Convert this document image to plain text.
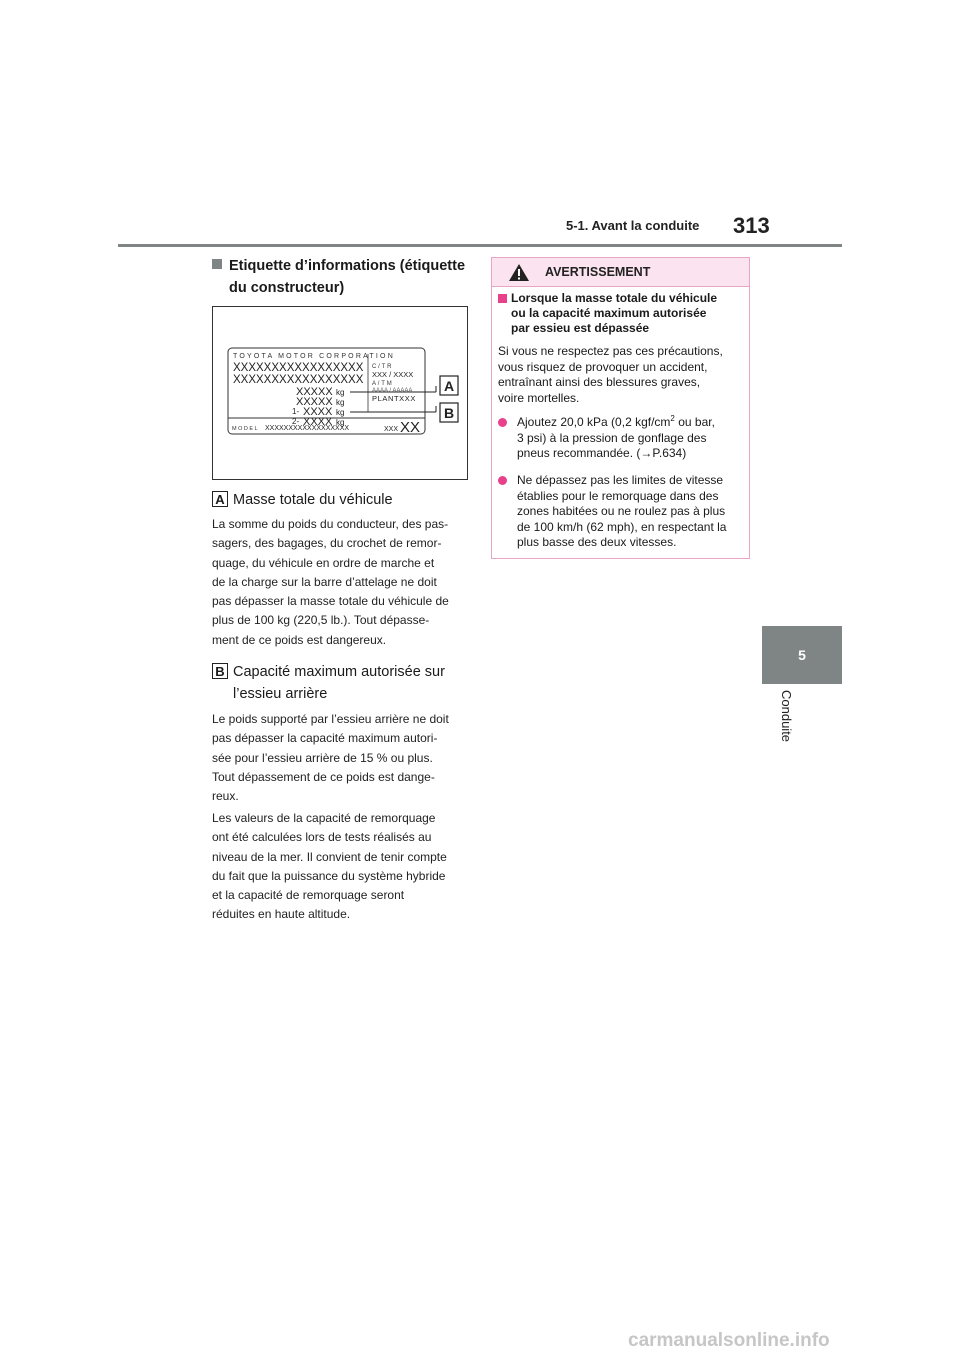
5-1. Avant la conduite 313
5
Conduite
Etiquette d’informations (étiquette du constructeur)
TOYOTA MOTOR CORPORATION
XXXXXXXXXXXXXXXXX
XXXXXXXXXXXXXXXXX
XXXXX kg
XXXXX kg
1- XXXX kg
2- XXXX kg
C/TR
XXX / XXXX
A/TM
AAAA / AAAAA
PLANTXXX
MODEL XXXXXXXXXXXXXXXXXX	XXX XX
A
B
A Masse totale du véhicule
La somme du poids du conducteur, des pas-
sagers, des bagages, du crochet de remor-
quage, du véhicule en ordre de marche et
de la charge sur la barre d’attelage ne doit
pas dépasser la masse totale du véhicule de
plus de 100 kg (220,5 lb.). Tout dépasse-
ment de ce poids est dangereux.
B Capacité maximum autorisée sur
l’essieu arrière
Le poids supporté par l’essieu arrière ne doit
pas dépasser la capacité maximum autori-
sée pour l’essieu arrière de 15 % ou plus.
Tout dépassement de ce poids est dange-
reux.
Les valeurs de la capacité de remorquage
ont été calculées lors de tests réalisés au
niveau de la mer. Il convient de tenir compte
du fait que la puissance du système hybride
et la capacité de remorquage seront
réduites en haute altitude.
AVERTISSEMENT
Lorsque la masse totale du véhicule
ou la capacité maximum autorisée
par essieu est dépassée
Si vous ne respectez pas ces précautions,
vous risquez de provoquer un accident,
entraînant ainsi des blessures graves,
voire mortelles.
Ajoutez 20,0 kPa (0,2 kgf/$cm^2$ ou bar,
3 psi) à la pression de gonflage des
pneus recommandée. (→P.634)
Ne dépassez pas les limites de vitesse
établies pour le remorquage dans des
zones habitées ou ne roulez pas à plus
de 100 km/h (62 mph), en respectant la
plus basse des deux vitesses.
carmanualsonline.info
